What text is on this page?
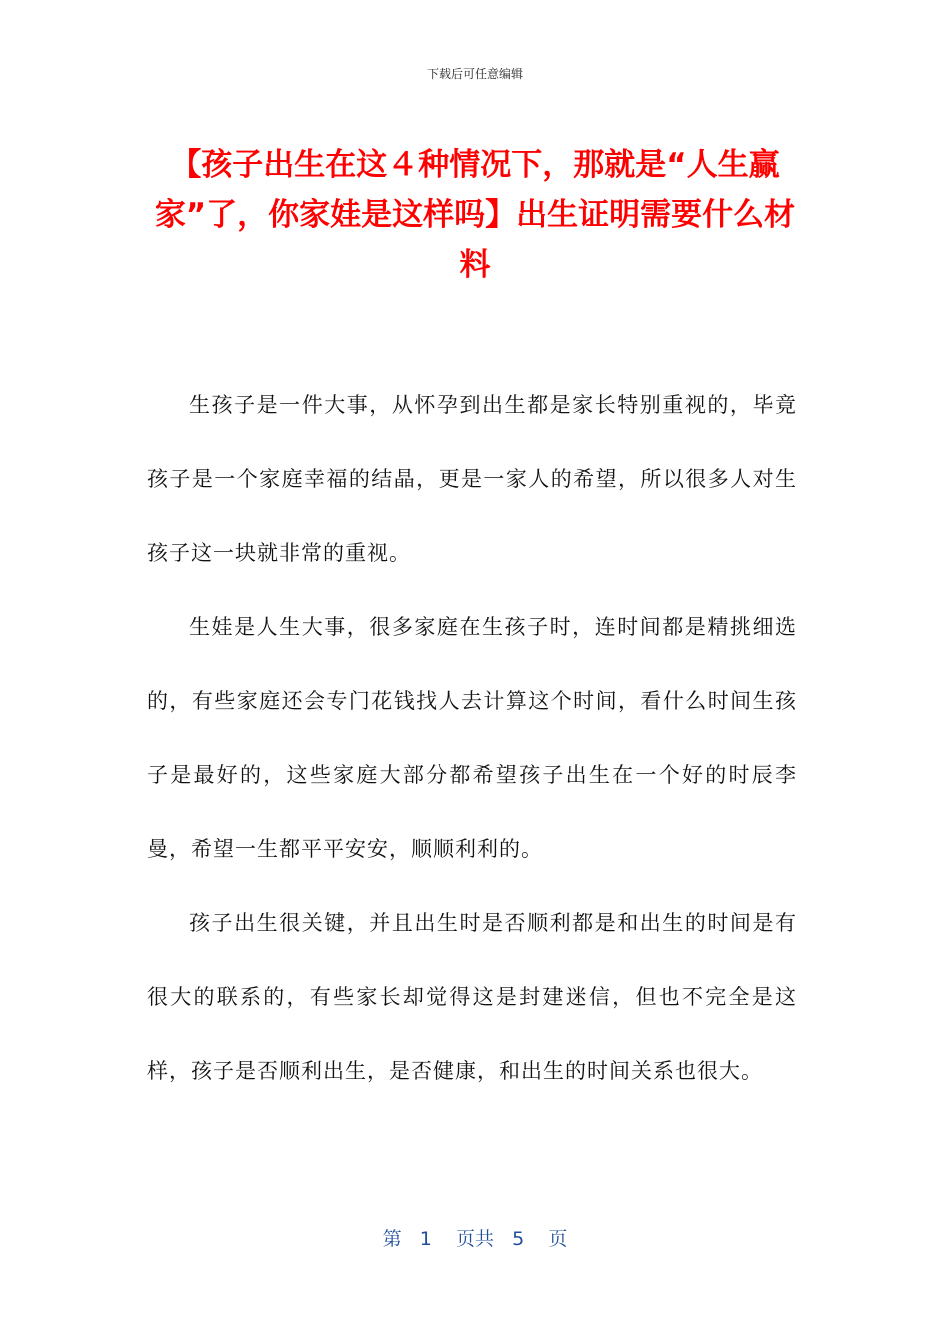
下载后可任意编辑
【孩子出生在这４种情况下，那就是“人生赢家”了，你家娃是这样吗】出生证明需要什么材料

生孩子是一件大事，从怀孕到出生都是家长特别重视的，毕竟孩子是一个家庭幸福的结晶，更是一家人的希望，所以很多人对生孩子这一块就非常的重视。

生娃是人生大事，很多家庭在生孩子时，连时间都是精挑细选的，有些家庭还会专门花钱找人去计算这个时间，看什么时间生孩子是最好的，这些家庭大部分都希望孩子出生在一个好的时辰李曼，希望一生都平平安安，顺顺利利的。

孩子出生很关键，并且出生时是否顺利都是和出生的时间是有很大的联系的，有些家长却觉得这是封建迷信，但也不完全是这样，孩子是否顺利出生，是否健康，和出生的时间关系也很大。

第 1 页共 5 页
